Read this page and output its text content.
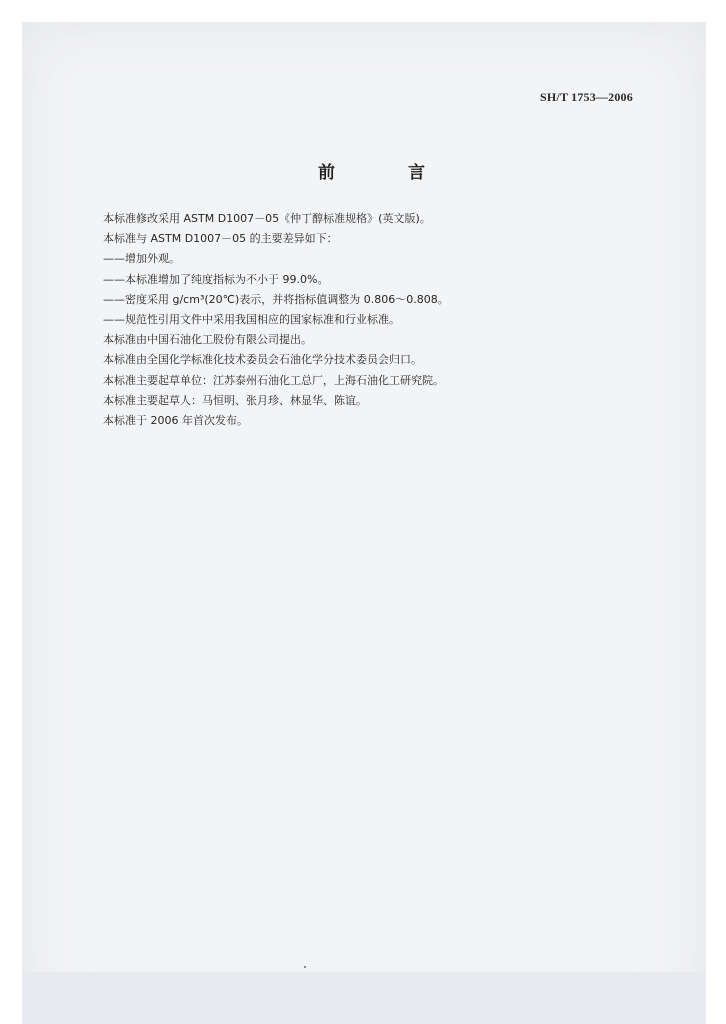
SH/T 1753—2006
前　言
本标准修改采用 ASTM D1007－05《仲丁醇标准规格》(英文版)。
本标准与 ASTM D1007－05 的主要差异如下：
——增加外观。
——本标准增加了纯度指标为不小于 99.0%。
——密度采用 g/cm³(20℃)表示，并将指标值调整为 0.806～0.808。
——规范性引用文件中采用我国相应的国家标准和行业标准。
本标准由中国石油化工股份有限公司提出。
本标准由全国化学标准化技术委员会石油化学分技术委员会归口。
本标准主要起草单位：江苏泰州石油化工总厂，上海石油化工研究院。
本标准主要起草人：马恒明、张月珍、林显华、陈谊。
本标准于 2006 年首次发布。
